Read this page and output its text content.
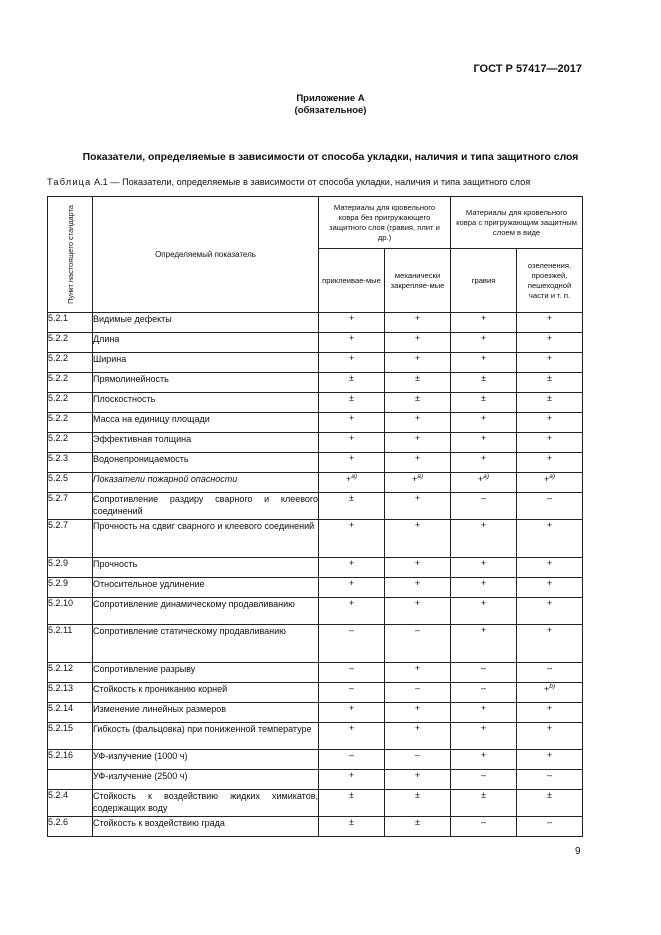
ГОСТ Р 57417—2017
Приложение А
(обязательное)
Показатели, определяемые в зависимости от способа укладки, наличия и типа защитного слоя
Таблица А.1 — Показатели, определяемые в зависимости от способа укладки, наличия и типа защитного слоя
Пункт настоящего стандарта	Определяемый показатель	Материалы для кровельного ковра без пригружающего защитного слоя (гравия, плит и др.)		Материалы для кровельного ковра с пригружающим защитным слоем в виде	
		приклеивае-мые	механически закрепляе-мые	гравия	озеленения, проезжей, пешеходной части и т. п.
5.2.1	Видимые дефекты	+	+	+	+
5.2.2	Длина	+	+	+	+
5.2.2	Ширина	+	+	+	+
5.2.2	Прямолинейность	±	±	±	±
5.2.2	Плоскостность	±	±	±	±
5.2.2	Масса на единицу площади	+	+	+	+
5.2.2	Эффективная толщина	+	+	+	+
5.2.3	Водонепроницаемость	+	+	+	+
5.2.5	Показатели пожарной опасности	+$^{а)}$	+$^{а)}$	+$^{а)}$	+$^{а)}$
5.2.7	Сопротивление раздиру сварного и клеевого соединений	±	+	–	–
5.2.7	Прочность на сдвиг сварного и клеевого соединений	+	+	+	+
5.2.9	Прочность	+	+	+	+
5.2.9	Относительное удлинение	+	+	+	+
5.2.10	Сопротивление динамическому продавливанию	+	+	+	+
5.2.11	Сопротивление статическому продавливанию	–	–	+	+
5.2.12	Сопротивление разрыву	–	+	–	–
5.2.13	Стойкость к прониканию корней	–	–	–	+$^{b)}$
5.2.14	Изменение линейных размеров	+	+	+	+
5.2.15	Гибкость (фальцовка) при пониженной температуре	+	+	+	+
5.2.16	УФ-излучение (1000 ч)	–	–	+	+
	УФ-излучение (2500 ч)	+	+	–	–
5.2.4	Стойкость к воздействию жидких химикатов, содержащих воду	±	±	±	±
5.2.6	Стойкость к воздействию града	±	±	–	–
9
